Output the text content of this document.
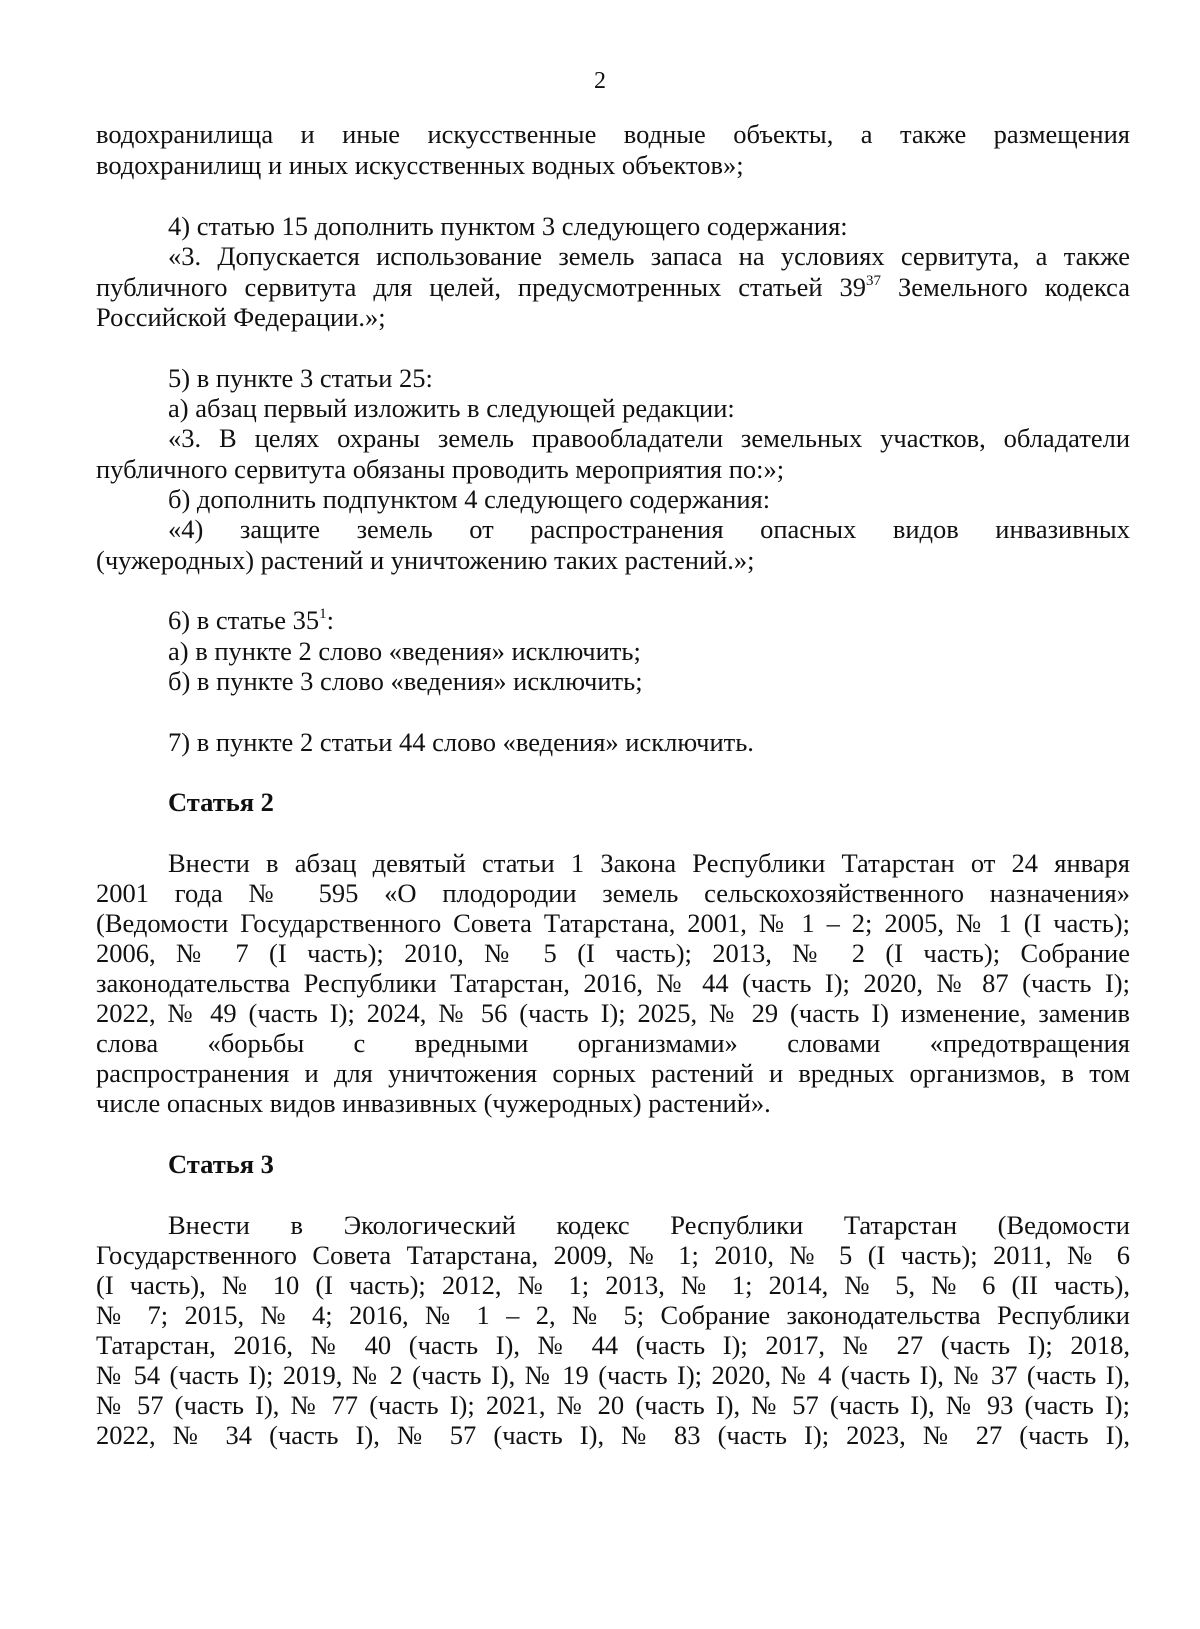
2
водохранилища и иные искусственные водные объекты, а также размещения
водохранилищ и иных искусственных водных объектов»;
4) статью 15 дополнить пунктом 3 следующего содержания:
«3. Допускается использование земель запаса на условиях сервитута, а также
публичного сервитута для целей, предусмотренных статьей $39^{37}$ Земельного кодекса
Российской Федерации.»;
5) в пункте 3 статьи 25:
а) абзац первый изложить в следующей редакции:
«3. В целях охраны земель правообладатели земельных участков, обладатели
публичного сервитута обязаны проводить мероприятия по:»;
б) дополнить подпунктом 4 следующего содержания:
«4) защите земель от распространения опасных видов инвазивных
(чужеродных) растений и уничтожению таких растений.»;
6) в статье $35^1$:
а) в пункте 2 слово «ведения» исключить;
б) в пункте 3 слово «ведения» исключить;
7) в пункте 2 статьи 44 слово «ведения» исключить.
Статья 2
Внести в абзац девятый статьи 1 Закона Республики Татарстан от 24 января
2001 года № 595 «О плодородии земель сельскохозяйственного назначения»
(Ведомости Государственного Совета Татарстана, 2001, № 1 – 2; 2005, № 1 (I часть);
2006, № 7 (I часть); 2010, № 5 (I часть); 2013, № 2 (I часть); Собрание
законодательства Республики Татарстан, 2016, № 44 (часть I); 2020, № 87 (часть I);
2022, № 49 (часть I); 2024, № 56 (часть I); 2025, № 29 (часть I) изменение, заменив
слова «борьбы с вредными организмами» словами «предотвращения
распространения и для уничтожения сорных растений и вредных организмов, в том
числе опасных видов инвазивных (чужеродных) растений».
Статья 3
Внести в Экологический кодекс Республики Татарстан (Ведомости
Государственного Совета Татарстана, 2009, № 1; 2010, № 5 (I часть); 2011, № 6
(I часть), № 10 (I часть); 2012, № 1; 2013, № 1; 2014, № 5, № 6 (II часть),
№ 7; 2015, № 4; 2016, № 1 – 2, № 5; Собрание законодательства Республики
Татарстан, 2016, № 40 (часть I), № 44 (часть I); 2017, № 27 (часть I); 2018,
№ 54 (часть I); 2019, № 2 (часть I), № 19 (часть I); 2020, № 4 (часть I), № 37 (часть I),
№ 57 (часть I), № 77 (часть I); 2021, № 20 (часть I), № 57 (часть I), № 93 (часть I);
2022, № 34 (часть I), № 57 (часть I), № 83 (часть I); 2023, № 27 (часть I),
